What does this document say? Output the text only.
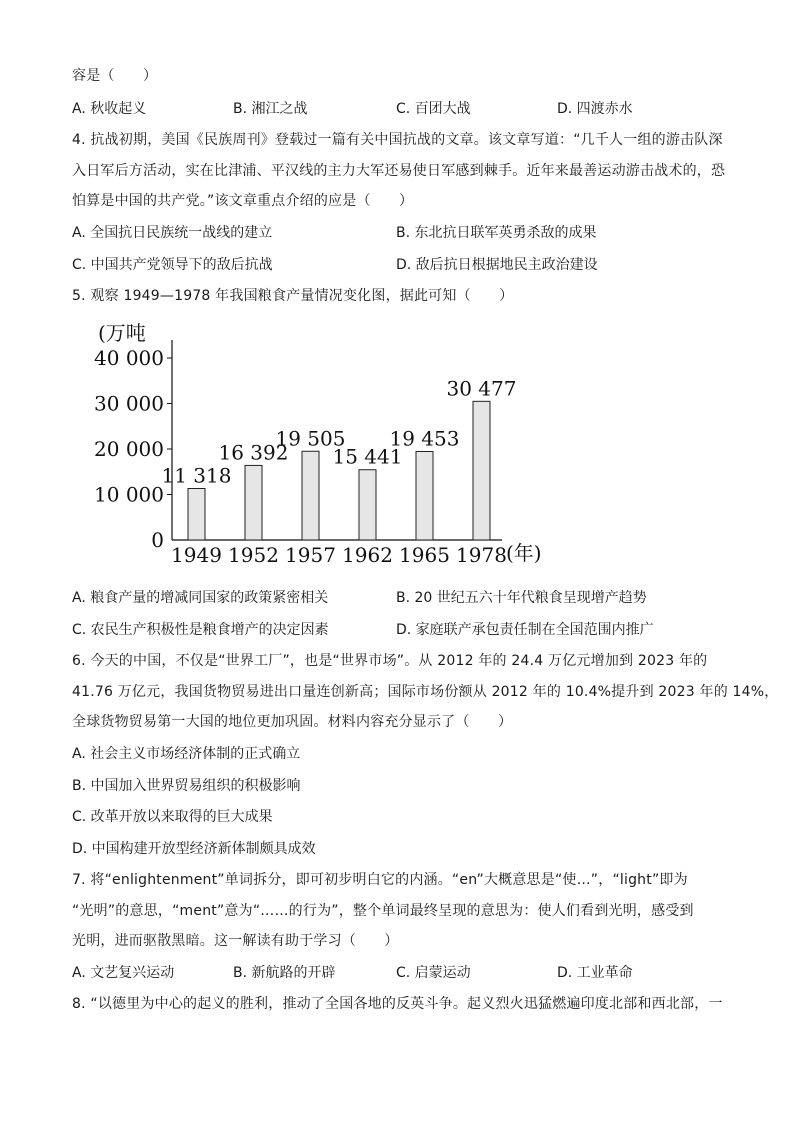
容是（　　）
A. 秋收起义	B. 湘江之战	C. 百团大战	D. 四渡赤水
4. 抗战初期，美国《民族周刊》登载过一篇有关中国抗战的文章。该文章写道：“几千人一组的游击队深
入日军后方活动，实在比津浦、平汉线的主力大军还易使日军感到棘手。近年来最善运动游击战术的，恐
怕算是中国的共产党。”该文章重点介绍的应是（　　）
A. 全国抗日民族统一战线的建立	B. 东北抗日联军英勇杀敌的成果
C. 中国共产党领导下的敌后抗战	D. 敌后抗日根据地民主政治建设
5. 观察 1949—1978 年我国粮食产量情况变化图，据此可知（　　）
(万吨
0
10 000
20 000
30 000
40 000
11 318
1949
16 392
1952
19 505
1957
15 441
1962
19 453
1965
30 477
1978 (年)
A. 粮食产量的增减同国家的政策紧密相关	B. 20 世纪五六十年代粮食呈现增产趋势
C. 农民生产积极性是粮食增产的决定因素	D. 家庭联产承包责任制在全国范围内推广
6. 今天的中国，不仅是“世界工厂”，也是“世界市场”。从 2012 年的 24.4 万亿元增加到 2023 年的
41.76 万亿元，我国货物贸易进出口量连创新高；国际市场份额从 2012 年的 10.4%提升到 2023 年的 14%，
全球货物贸易第一大国的地位更加巩固。材料内容充分显示了（　　）
A. 社会主义市场经济体制的正式确立
B. 中国加入世界贸易组织的积极影响
C. 改革开放以来取得的巨大成果
D. 中国构建开放型经济新体制颇具成效
7. 将“enlightenment”单词拆分，即可初步明白它的内涵。“en”大概意思是“使…”，“light”即为
“光明”的意思，“ment”意为“……的行为”，整个单词最终呈现的意思为：使人们看到光明，感受到
光明，进而驱散黑暗。这一解读有助于学习（　　）
A. 文艺复兴运动	B. 新航路的开辟	C. 启蒙运动	D. 工业革命
8. “以德里为中心的起义的胜利，推动了全国各地的反英斗争。起义烈火迅猛燃遍印度北部和西北部，一
